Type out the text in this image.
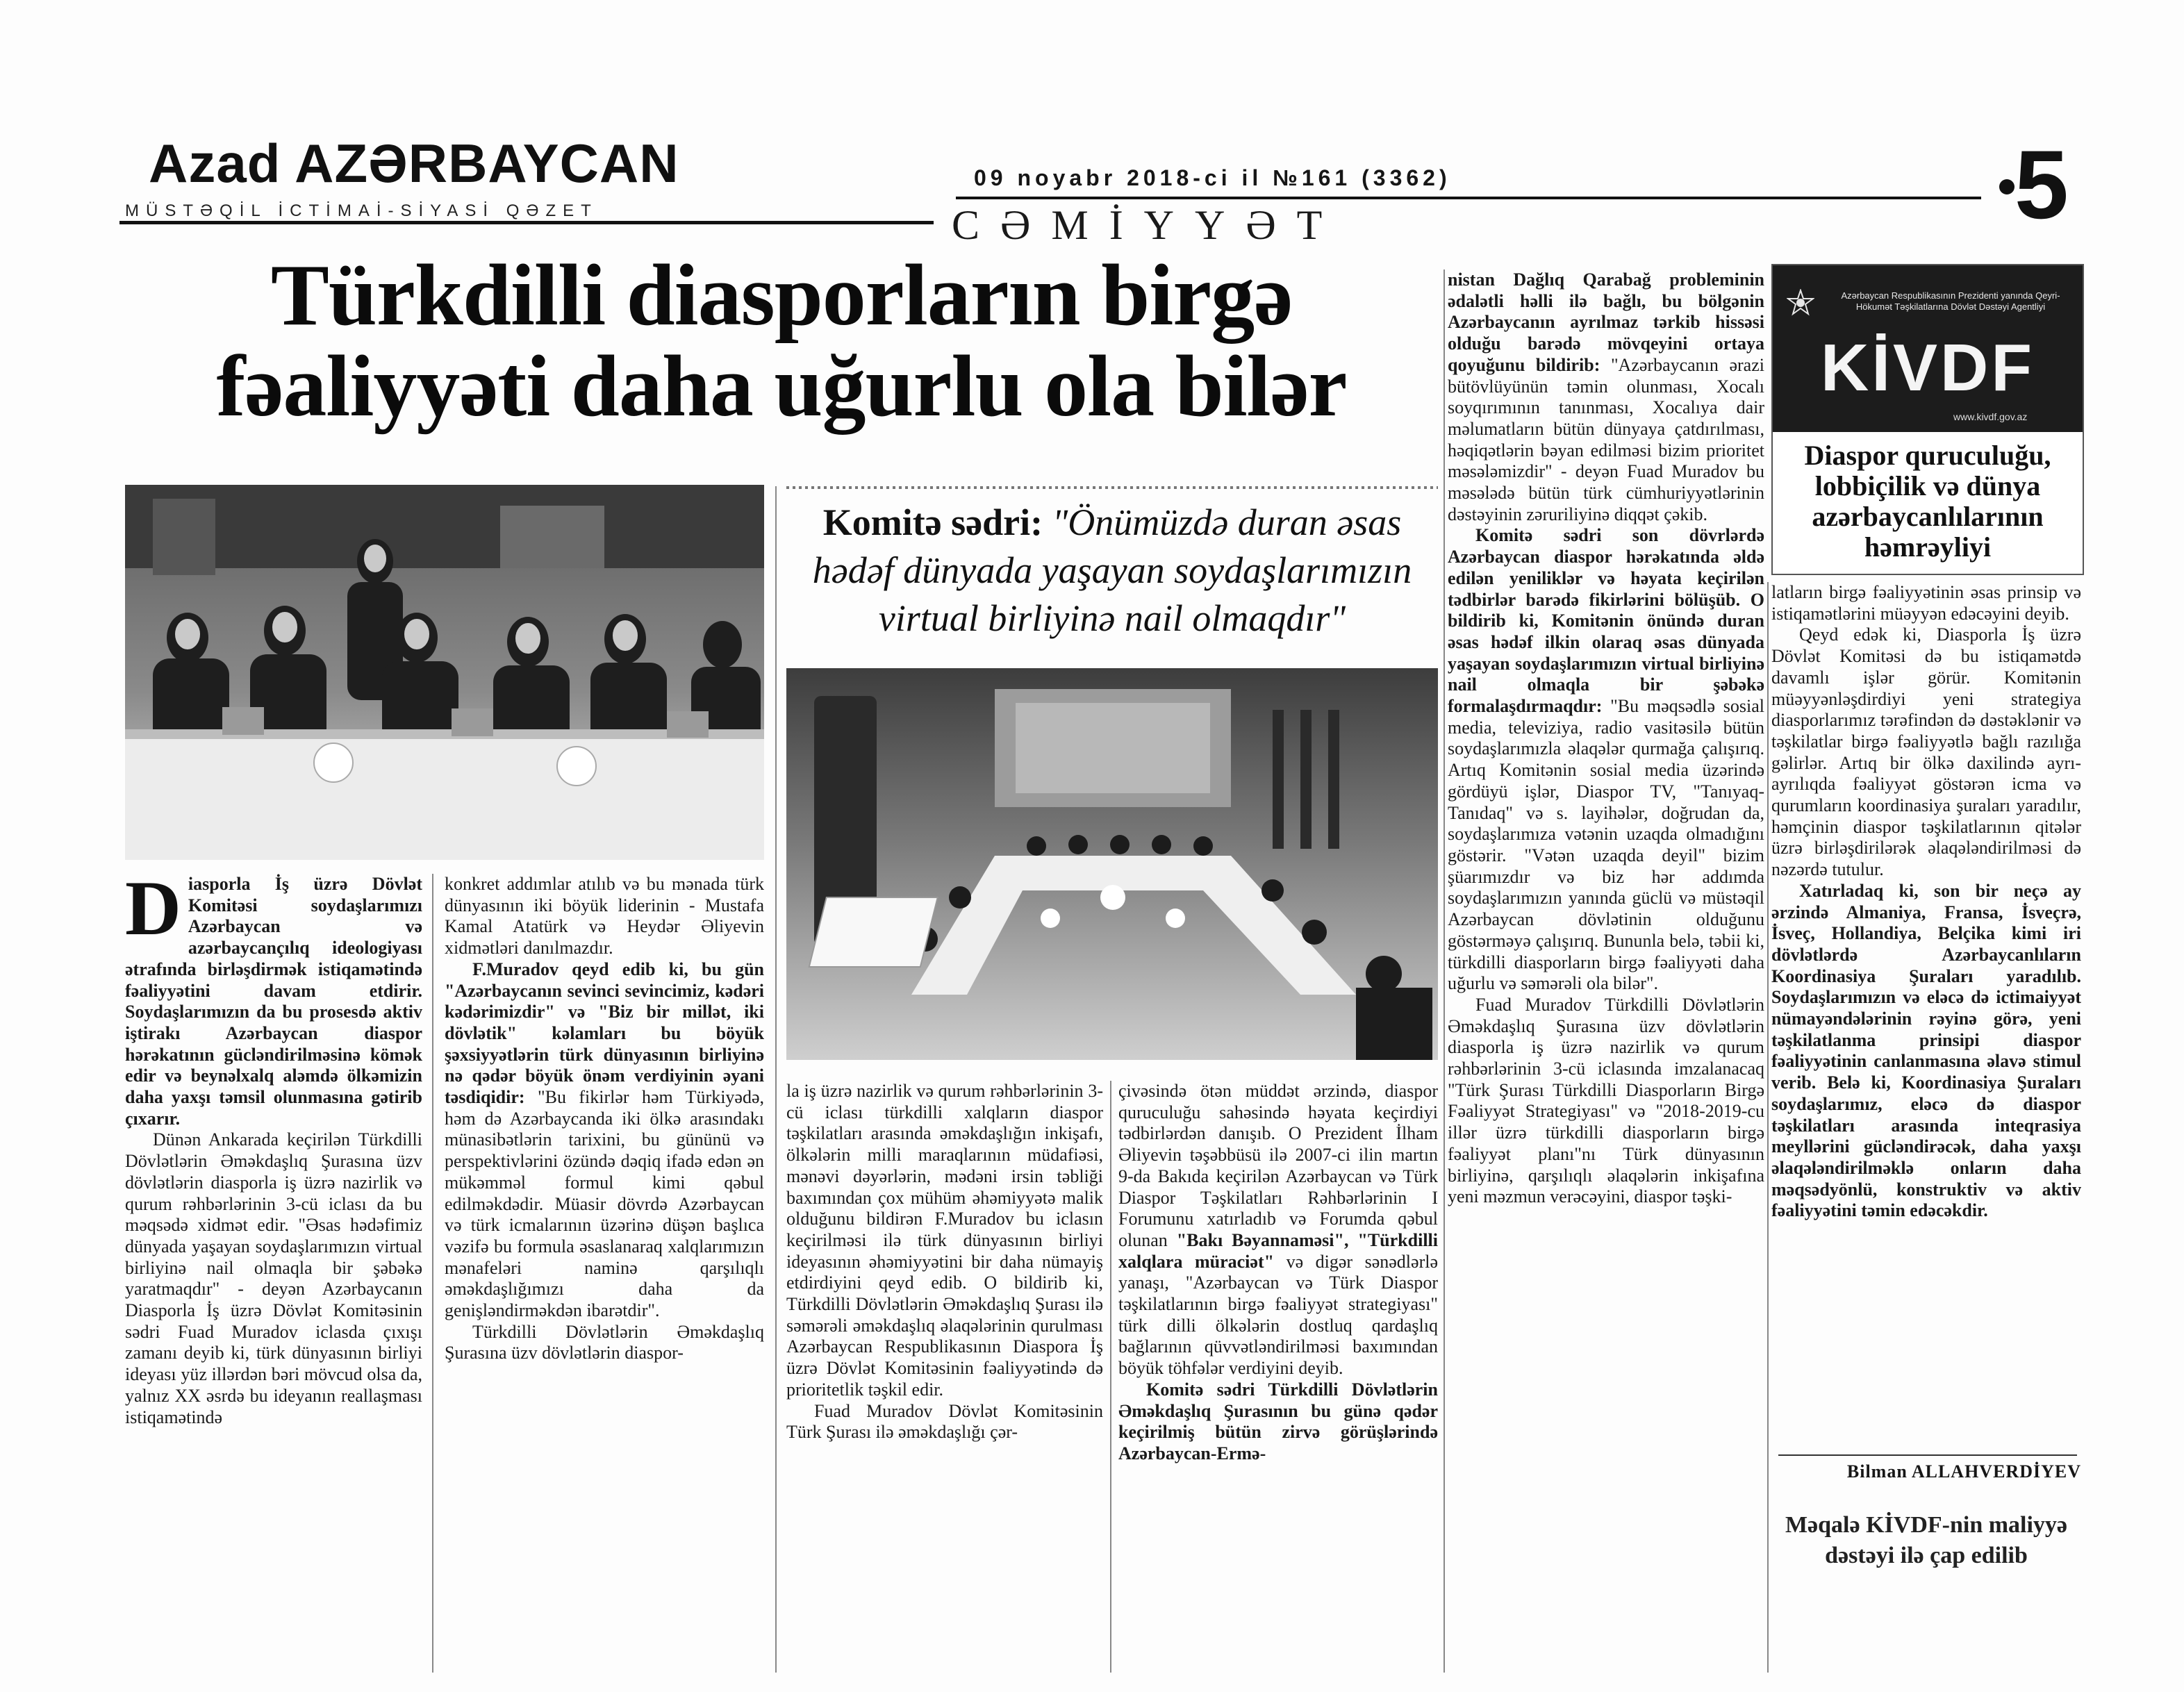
Azad AZƏRBAYCAN
MÜSTƏQİL İCTİMAİ-SİYASİ QƏZET
09 noyabr 2018-ci il №161 (3362)	5
CƏMİYYƏT
Türkdilli diasporların birgə fəaliyyəti daha uğurlu ola bilər
Komitə sədri: "Önümüzdə duran əsas hədəf dünyada yaşayan soydaşlarımızın virtual birliyinə nail olmaqdır"
D iasporla İş üzrə Dövlət Komitəsi soydaşlarımızı Azərbaycan və azərbaycançılıq ideologiyası ətrafında birləşdirmək istiqamətində fəaliyyətini davam etdirir. Soydaşlarımızın da bu prosesdə aktiv iştirakı Azərbaycan diaspor hərəkatının gücləndirilməsinə kömək edir və beynəlxalq aləmdə ölkəmizin daha yaxşı təmsil olunmasına gətirib çıxarır.

Dünən Ankarada keçirilən Türkdilli Dövlətlərin Əməkdaşlıq Şurasına üzv dövlətlərin diasporla iş üzrə nazirlik və qurum rəhbərlərinin 3-cü iclası da bu məqsədə xidmət edir. "Əsas hədəfimiz dünyada yaşayan soydaşlarımızın virtual birliyinə nail olmaqla bir şəbəkə yaratmaqdır" - deyən Azərbaycanın Diasporla İş üzrə Dövlət Komitəsinin sədri Fuad Muradov iclasda çıxışı zamanı deyib ki, türk dünyasının birliyi ideyası yüz illərdən bəri mövcud olsa da, yalnız XX əsrdə bu ideyanın reallaşması istiqamətində

konkret addımlar atılıb və bu mənada türk dünyasının iki böyük liderinin - Mustafa Kamal Atatürk və Heydər Əliyevin xidmətləri danılmazdır.

F.Muradov qeyd edib ki, bu gün "Azərbaycanın sevinci sevincimiz, kədəri kədərimizdir" və "Biz bir millət, iki dövlətik" kəlamları bu böyük şəxsiyyətlərin türk dünyasının birliyinə nə qədər böyük önəm verdiyinin əyani təsdiqidir: "Bu fikirlər həm Türkiyədə, həm də Azərbaycanda iki ölkə arasındakı münasibətlərin tarixini, bu gününü və perspektivlərini özündə dəqiq ifadə edən ən mükəmməl formul kimi qəbul edilməkdədir. Müasir dövrdə Azərbaycan və türk icmalarının üzərinə düşən başlıca vəzifə bu formula əsaslanaraq xalqlarımızın mənafeləri naminə qarşılıqlı əməkdaşlığımızı daha da genişləndirməkdən ibarətdir".

Türkdilli Dövlətlərin Əməkdaşlıq Şurasına üzv dövlətlərin diaspor-

la iş üzrə nazirlik və qurum rəhbərlərinin 3-cü iclası türkdilli xalqların diaspor təşkilatları arasında əməkdaşlığın inkişafı, ölkələrin milli maraqlarının müdafiəsi, mənəvi dəyərlərin, mədəni irsin təbliği baxımından çox mühüm əhəmiyyətə malik olduğunu bildirən F.Muradov bu iclasın keçirilməsi ilə türk dünyasının birliyi ideyasının əhəmiyyətini bir daha nümayiş etdirdiyini qeyd edib. O bildirib ki, Türkdilli Dövlətlərin Əməkdaşlıq Şurası ilə səmərəli əməkdaşlıq əlaqələrinin qurulması Azərbaycan Respublikasının Diaspora İş üzrə Dövlət Komitəsinin fəaliyyətində də prioritetlik təşkil edir.

Fuad Muradov Dövlət Komitəsinin Türk Şurası ilə əməkdaşlığı çər-

çivəsində ötən müddət ərzində, diaspor quruculuğu sahəsində həyata keçirdiyi tədbirlərdən danışıb. O Prezident İlham Əliyevin təşəbbüsü ilə 2007-ci ilin martın 9-da Bakıda keçirilən Azərbaycan və Türk Diaspor Təşkilatları Rəhbərlərinin I Forumunu xatırladıb və Forumda qəbul olunan "Bakı Bəyannaməsi", "Türkdilli xalqlara müraciət" və digər sənədlərlə yanaşı, "Azərbaycan və Türk Diaspor təşkilatlarının birgə fəaliyyət strategiyası" türk dilli ölkələrin dostluq qardaşlıq bağlarının qüvvətləndirilməsi baxımından böyük töhfələr verdiyini deyib.

Komitə sədri Türkdilli Dövlətlərin Əməkdaşlıq Şurasının bu günə qədər keçirilmiş bütün zirvə görüşlərində Azərbaycan-Ermə-

nistan Dağlıq Qarabağ probleminin ədalətli həlli ilə bağlı, bu bölgənin Azərbaycanın ayrılmaz tərkib hissəsi olduğu barədə mövqeyini ortaya qoyuğunu bildirib: "Azərbaycanın ərazi bütövlüyünün təmin olunması, Xocalı soyqırımının tanınması, Xocalıya dair məlumatların bütün dünyaya çatdırılması, həqiqətlərin bəyan edilməsi bizim prioritet məsələmizdir" - deyən Fuad Muradov bu məsələdə bütün türk cümhuriyyətlərinin dəstəyinin zəruriliyinə diqqət çəkib.

Komitə sədri son dövrlərdə Azərbaycan diaspor hərəkatında əldə edilən yeniliklər və həyata keçirilən tədbirlər barədə fikirlərini bölüşüb. O bildirib ki, Komitənin önündə duran əsas hədəf ilkin olaraq əsas dünyada yaşayan soydaşlarımızın virtual birliyinə nail olmaqla bir şəbəkə formalaşdırmaqdır: "Bu məqsədlə sosial media, televiziya, radio vasitəsilə bütün soydaşlarımızla əlaqələr qurmağa çalışırıq. Artıq Komitənin sosial media üzərində gördüyü işlər, Diaspor TV, "Tanıyaq-Tanıdaq" və s. layihələr, doğrudan da, soydaşlarımıza vətənin uzaqda olmadığını göstərir. "Vətən uzaqda deyil" bizim şüarımızdır və biz hər addımda soydaşlarımızın yanında güclü və müstəqil Azərbaycan dövlətinin olduğunu göstərməyə çalışırıq. Bununla belə, təbii ki, türkdilli diasporların birgə fəaliyyəti daha uğurlu və səmərəli ola bilər".

Fuad Muradov Türkdilli Dövlətlərin Əməkdaşlıq Şurasına üzv dövlətlərin diasporla iş üzrə nazirlik və qurum rəhbərlərinin 3-cü iclasında imzalanacaq "Türk Şurası Türkdilli Diasporların Birgə Fəaliyyət Strategiyası" və "2018-2019-cu illər üzrə türkdilli diasporların birgə fəaliyyət planı"nı Türk dünyasının birliyinə, qarşılıqlı əlaqələrin inkişafına yeni məzmun verəcəyini, diaspor təşki-

Azərbaycan Respublikasının Prezidenti yanında Qeyri-Hökumət Təşkilatlarına Dövlət Dəstəyi Agentliyi
KİVDF
www.kivdf.gov.az
Diaspor quruculuğu, lobbiçilik və dünya azərbaycanlılarının həmrəyliyi

latların birgə fəaliyyətinin əsas prinsip və istiqamətlərini müəyyən edəcəyini deyib.

Qeyd edək ki, Diasporla İş üzrə Dövlət Komitəsi də bu istiqamətdə davamlı işlər görür. Komitənin müəyyənləşdirdiyi yeni strategiya diasporlarımız tərəfindən də dəstəklənir və təşkilatlar birgə fəaliyyətlə bağlı razılığa gəlirlər. Artıq bir ölkə daxilində ayrı-ayrılıqda fəaliyyət göstərən icma və qurumların koordinasiya şuraları yaradılır, həmçinin diaspor təşkilatlarının qitələr üzrə birləşdirilərək əlaqələndirilməsi də nəzərdə tutulur.

Xatırladaq ki, son bir neçə ay ərzində Almaniya, Fransa, İsveçrə, İsveç, Hollandiya, Belçika kimi iri dövlətlərdə Azərbaycanlıların Koordinasiya Şuraları yaradılıb. Soydaşlarımızın və eləcə də ictimaiyyət nümayəndələrinin rəyinə görə, yeni təşkilatlanma prinsipi diaspor fəaliyyətinin canlanmasına əlavə stimul verib. Belə ki, Koordinasiya Şuraları soydaşlarımız, eləcə də diaspor təşkilatları arasında inteqrasiya meyllərini gücləndirəcək, daha yaxşı əlaqələndirilməklə onların daha məqsədyönlü, konstruktiv və aktiv fəaliyyətini təmin edəcəkdir.

Bilman ALLAHVERDİYEV
Məqalə KİVDF-nin maliyyə dəstəyi ilə çap edilib
